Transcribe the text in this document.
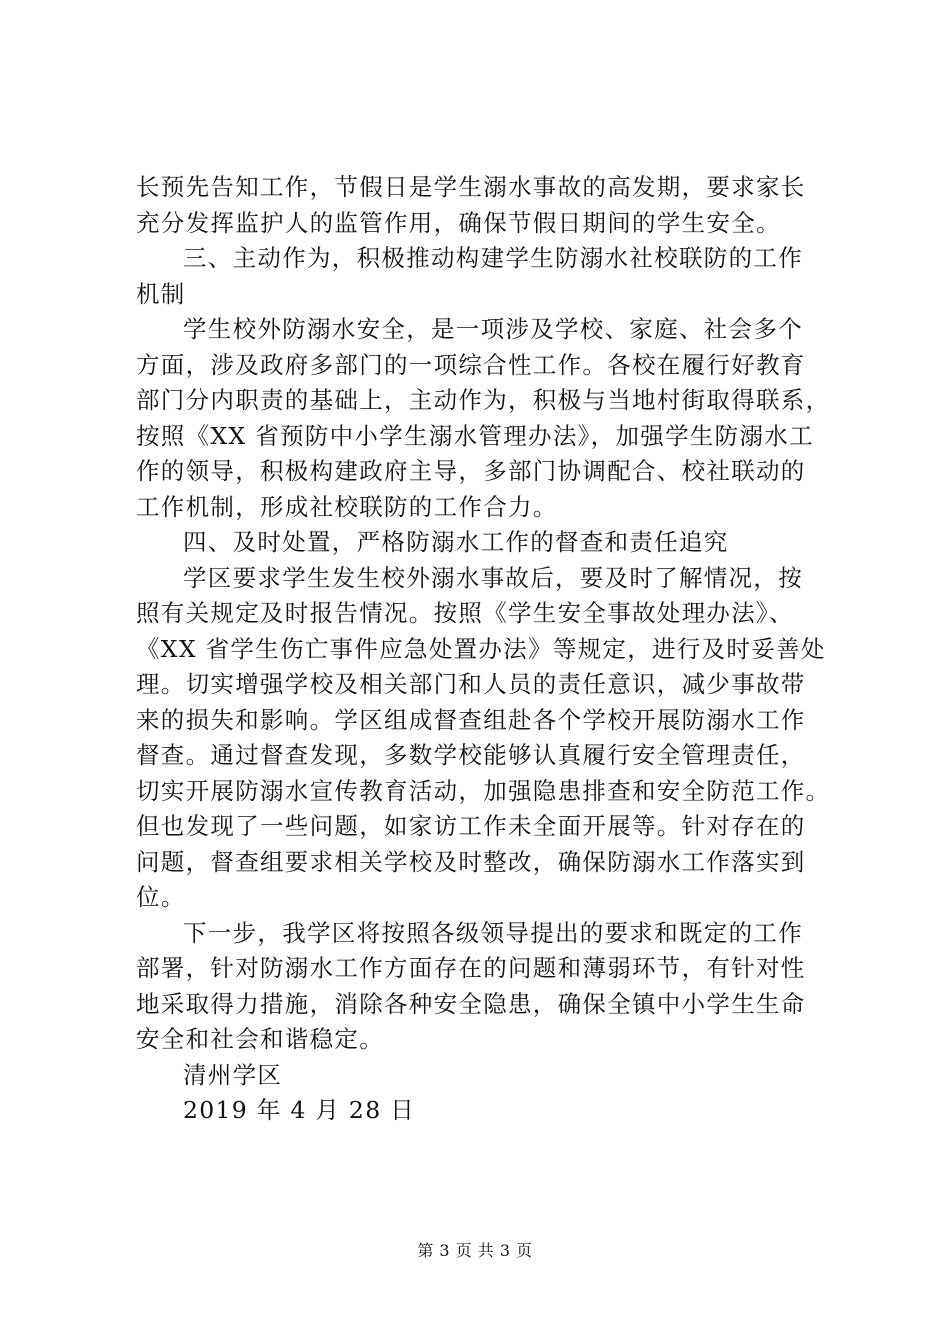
长预先告知工作，节假日是学生溺水事故的高发期，要求家长
充分发挥监护人的监管作用，确保节假日期间的学生安全。
三、主动作为，积极推动构建学生防溺水社校联防的工作
机制
学生校外防溺水安全，是一项涉及学校、家庭、社会多个
方面，涉及政府多部门的一项综合性工作。各校在履行好教育
部门分内职责的基础上，主动作为，积极与当地村街取得联系，
按照《XX 省预防中小学生溺水管理办法》，加强学生防溺水工
作的领导，积极构建政府主导，多部门协调配合、校社联动的
工作机制，形成社校联防的工作合力。
四、及时处置，严格防溺水工作的督查和责任追究
学区要求学生发生校外溺水事故后，要及时了解情况，按
照有关规定及时报告情况。按照《学生安全事故处理办法》、
《XX 省学生伤亡事件应急处置办法》等规定，进行及时妥善处
理。切实增强学校及相关部门和人员的责任意识，减少事故带
来的损失和影响。学区组成督查组赴各个学校开展防溺水工作
督查。通过督查发现，多数学校能够认真履行安全管理责任，
切实开展防溺水宣传教育活动，加强隐患排查和安全防范工作。
但也发现了一些问题，如家访工作未全面开展等。针对存在的
问题，督查组要求相关学校及时整改，确保防溺水工作落实到
位。
下一步，我学区将按照各级领导提出的要求和既定的工作
部署，针对防溺水工作方面存在的问题和薄弱环节，有针对性
地采取得力措施，消除各种安全隐患，确保全镇中小学生生命
安全和社会和谐稳定。
清州学区
2019 年 4 月 28 日
第 3 页 共 3 页
